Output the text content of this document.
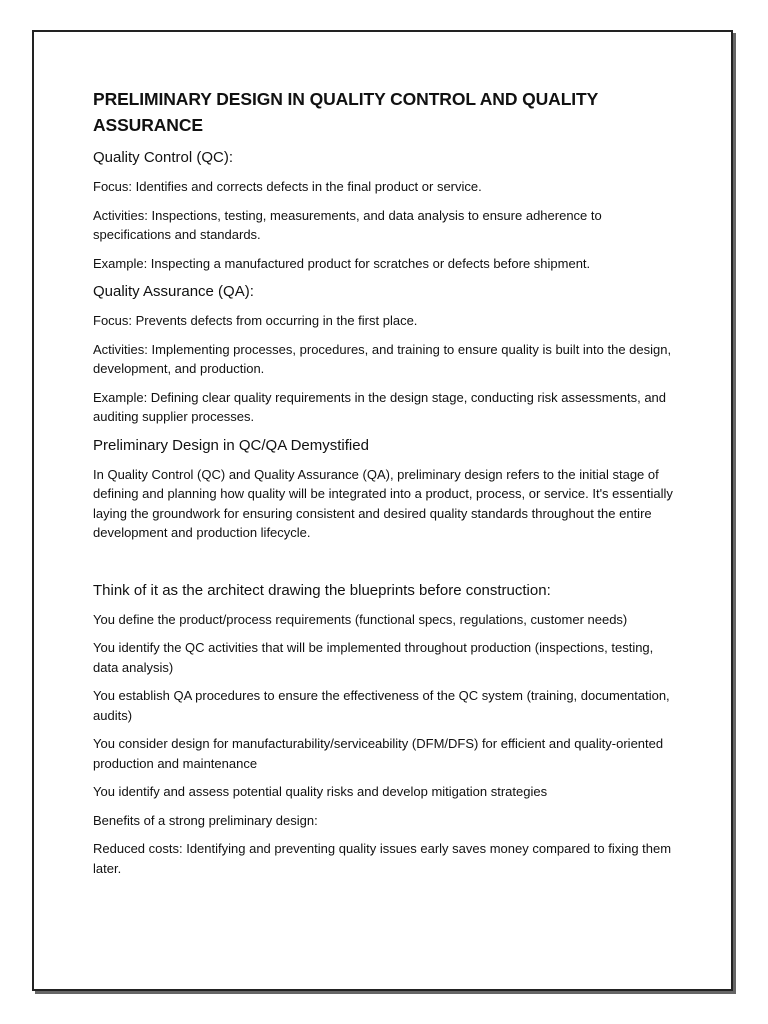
PRELIMINARY DESIGN IN QUALITY CONTROL AND QUALITY ASSURANCE
Quality Control (QC):

Focus: Identifies and corrects defects in the final product or service.

Activities: Inspections, testing, measurements, and data analysis to ensure adherence to specifications and standards.

Example: Inspecting a manufactured product for scratches or defects before shipment.

Quality Assurance (QA):

Focus: Prevents defects from occurring in the first place.

Activities: Implementing processes, procedures, and training to ensure quality is built into the design, development, and production.

Example: Defining clear quality requirements in the design stage, conducting risk assessments, and auditing supplier processes.

Preliminary Design in QC/QA Demystified

In Quality Control (QC) and Quality Assurance (QA), preliminary design refers to the initial stage of defining and planning how quality will be integrated into a product, process, or service. It's essentially laying the groundwork for ensuring consistent and desired quality standards throughout the entire development and production lifecycle.

Think of it as the architect drawing the blueprints before construction:

You define the product/process requirements (functional specs, regulations, customer needs)

You identify the QC activities that will be implemented throughout production (inspections, testing, data analysis)

You establish QA procedures to ensure the effectiveness of the QC system (training, documentation, audits)

You consider design for manufacturability/serviceability (DFM/DFS) for efficient and quality-oriented production and maintenance

You identify and assess potential quality risks and develop mitigation strategies

Benefits of a strong preliminary design:

Reduced costs: Identifying and preventing quality issues early saves money compared to fixing them later.
